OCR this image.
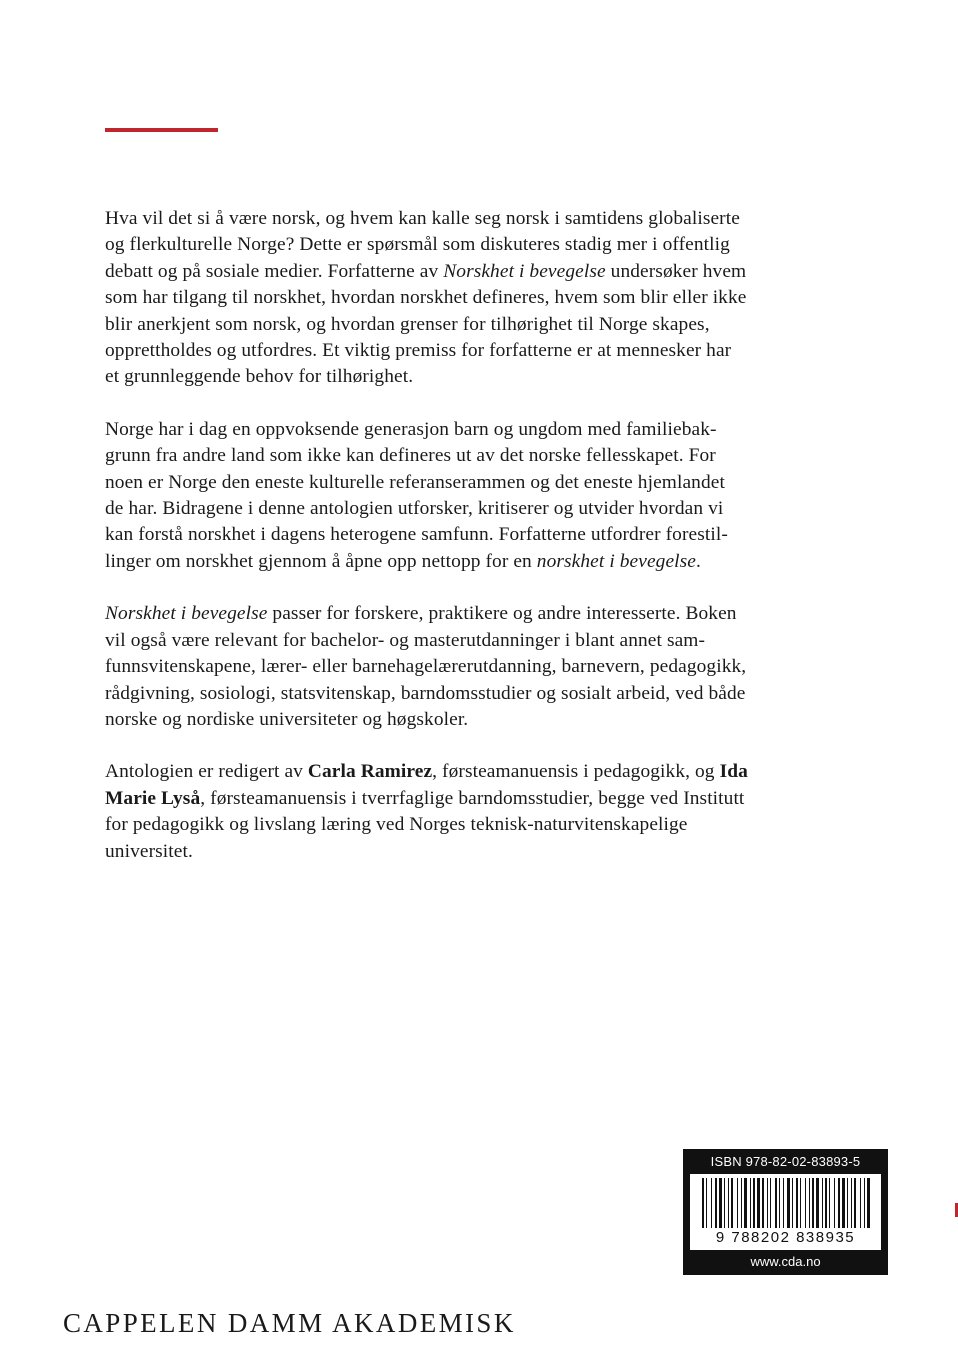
Hva vil det si å være norsk, og hvem kan kalle seg norsk i samtidens globaliserte
og flerkulturelle Norge? Dette er spørsmål som diskuteres stadig mer i offentlig
debatt og på sosiale medier. Forfatterne av Norskhet i bevegelse undersøker hvem
som har tilgang til norskhet, hvordan norskhet defineres, hvem som blir eller ikke
blir anerkjent som norsk, og hvordan grenser for tilhørighet til Norge skapes,
opprettholdes og utfordres. Et viktig premiss for forfatterne er at mennesker har
et grunnleggende behov for tilhørighet.

Norge har i dag en oppvoksende generasjon barn og ungdom med familiebak-
grunn fra andre land som ikke kan defineres ut av det norske fellesskapet. For
noen er Norge den eneste kulturelle referanserammen og det eneste hjemlandet
de har. Bidragene i denne antologien utforsker, kritiserer og utvider hvordan vi
kan forstå norskhet i dagens heterogene samfunn. Forfatterne utfordrer forestil-
linger om norskhet gjennom å åpne opp nettopp for en norskhet i bevegelse.

Norskhet i bevegelse passer for forskere, praktikere og andre interesserte. Boken
vil også være relevant for bachelor- og masterutdanninger i blant annet sam-
funnsvitenskapene, lærer- eller barnehagelærerutdanning, barnevern, pedagogikk,
rådgivning, sosiologi, statsvitenskap, barndomsstudier og sosialt arbeid, ved både
norske og nordiske universiteter og høgskoler.

Antologien er redigert av Carla Ramirez, førsteamanuensis i pedagogikk, og Ida
Marie Lyså, førsteamanuensis i tverrfaglige barndomsstudier, begge ved Institutt
for pedagogikk og livslang læring ved Norges teknisk-naturvitenskapelige
universitet.

ISBN 978-82-02-83893-5
9 788202 838935
www.cda.no
CAPPELEN DAMM AKADEMISK
